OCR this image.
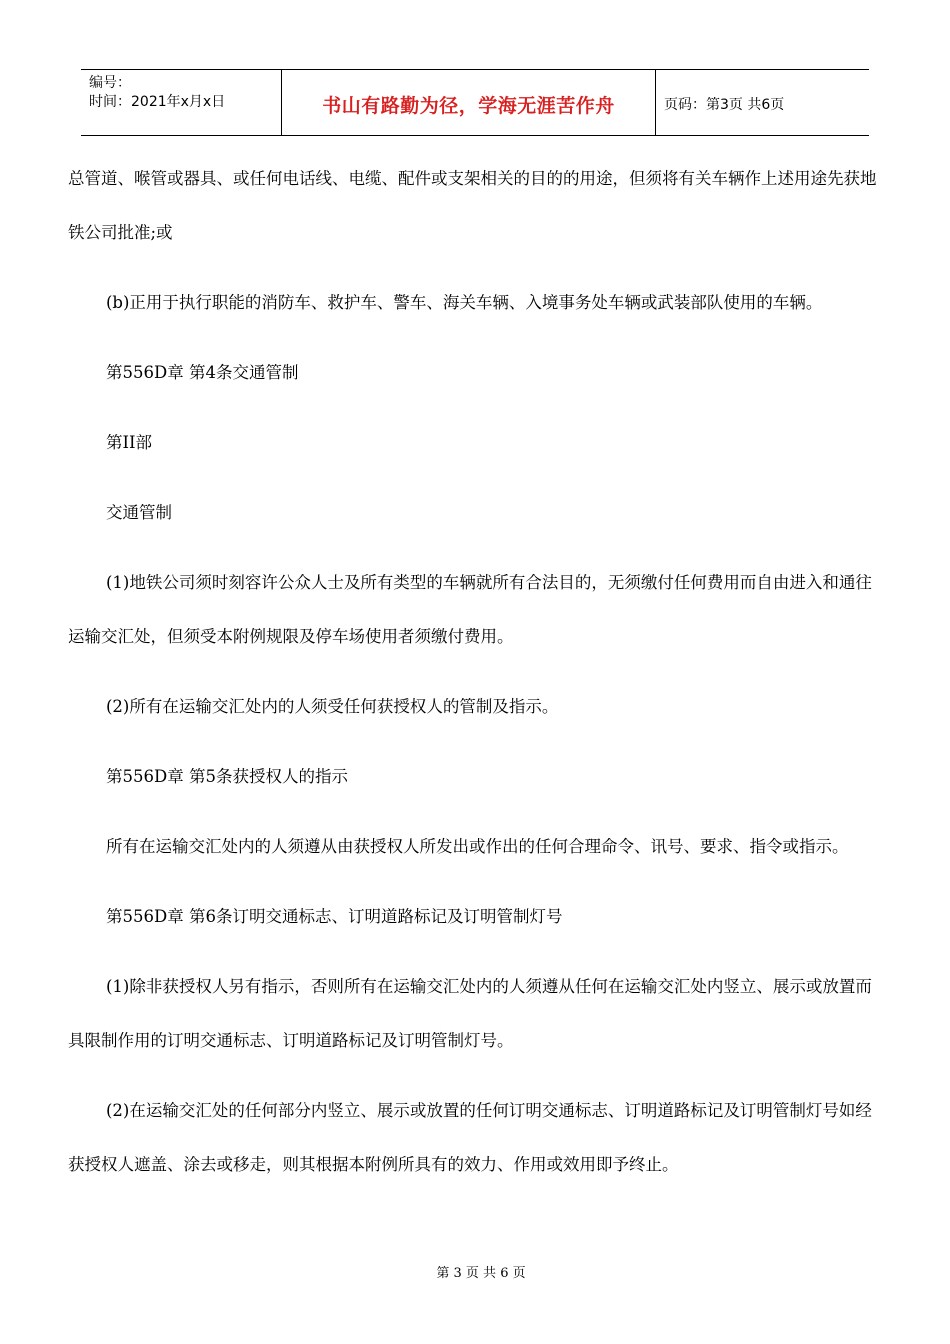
编号：
时间：2021年x月x日	书山有路勤为径，学海无涯苦作舟	页码：第3页 共6页

总管道、喉管或器具、或任何电话线、电缆、配件或支架相关的目的的用途，但须将有关车辆作上述用途先获地铁公司批准;或

(b)正用于执行职能的消防车、救护车、警车、海关车辆、入境事务处车辆或武装部队使用的车辆。

第556D章 第4条交通管制

第II部

交通管制

(1)地铁公司须时刻容许公众人士及所有类型的车辆就所有合法目的，无须缴付任何费用而自由进入和通往运输交汇处，但须受本附例规限及停车场使用者须缴付费用。

(2)所有在运输交汇处内的人须受任何获授权人的管制及指示。

第556D章 第5条获授权人的指示

所有在运输交汇处内的人须遵从由获授权人所发出或作出的任何合理命令、讯号、要求、指令或指示。

第556D章 第6条订明交通标志、订明道路标记及订明管制灯号

(1)除非获授权人另有指示，否则所有在运输交汇处内的人须遵从任何在运输交汇处内竖立、展示或放置而具限制作用的订明交通标志、订明道路标记及订明管制灯号。

(2)在运输交汇处的任何部分内竖立、展示或放置的任何订明交通标志、订明道路标记及订明管制灯号如经获授权人遮盖、涂去或移走，则其根据本附例所具有的效力、作用或效用即予终止。

第 3 页 共 6 页
